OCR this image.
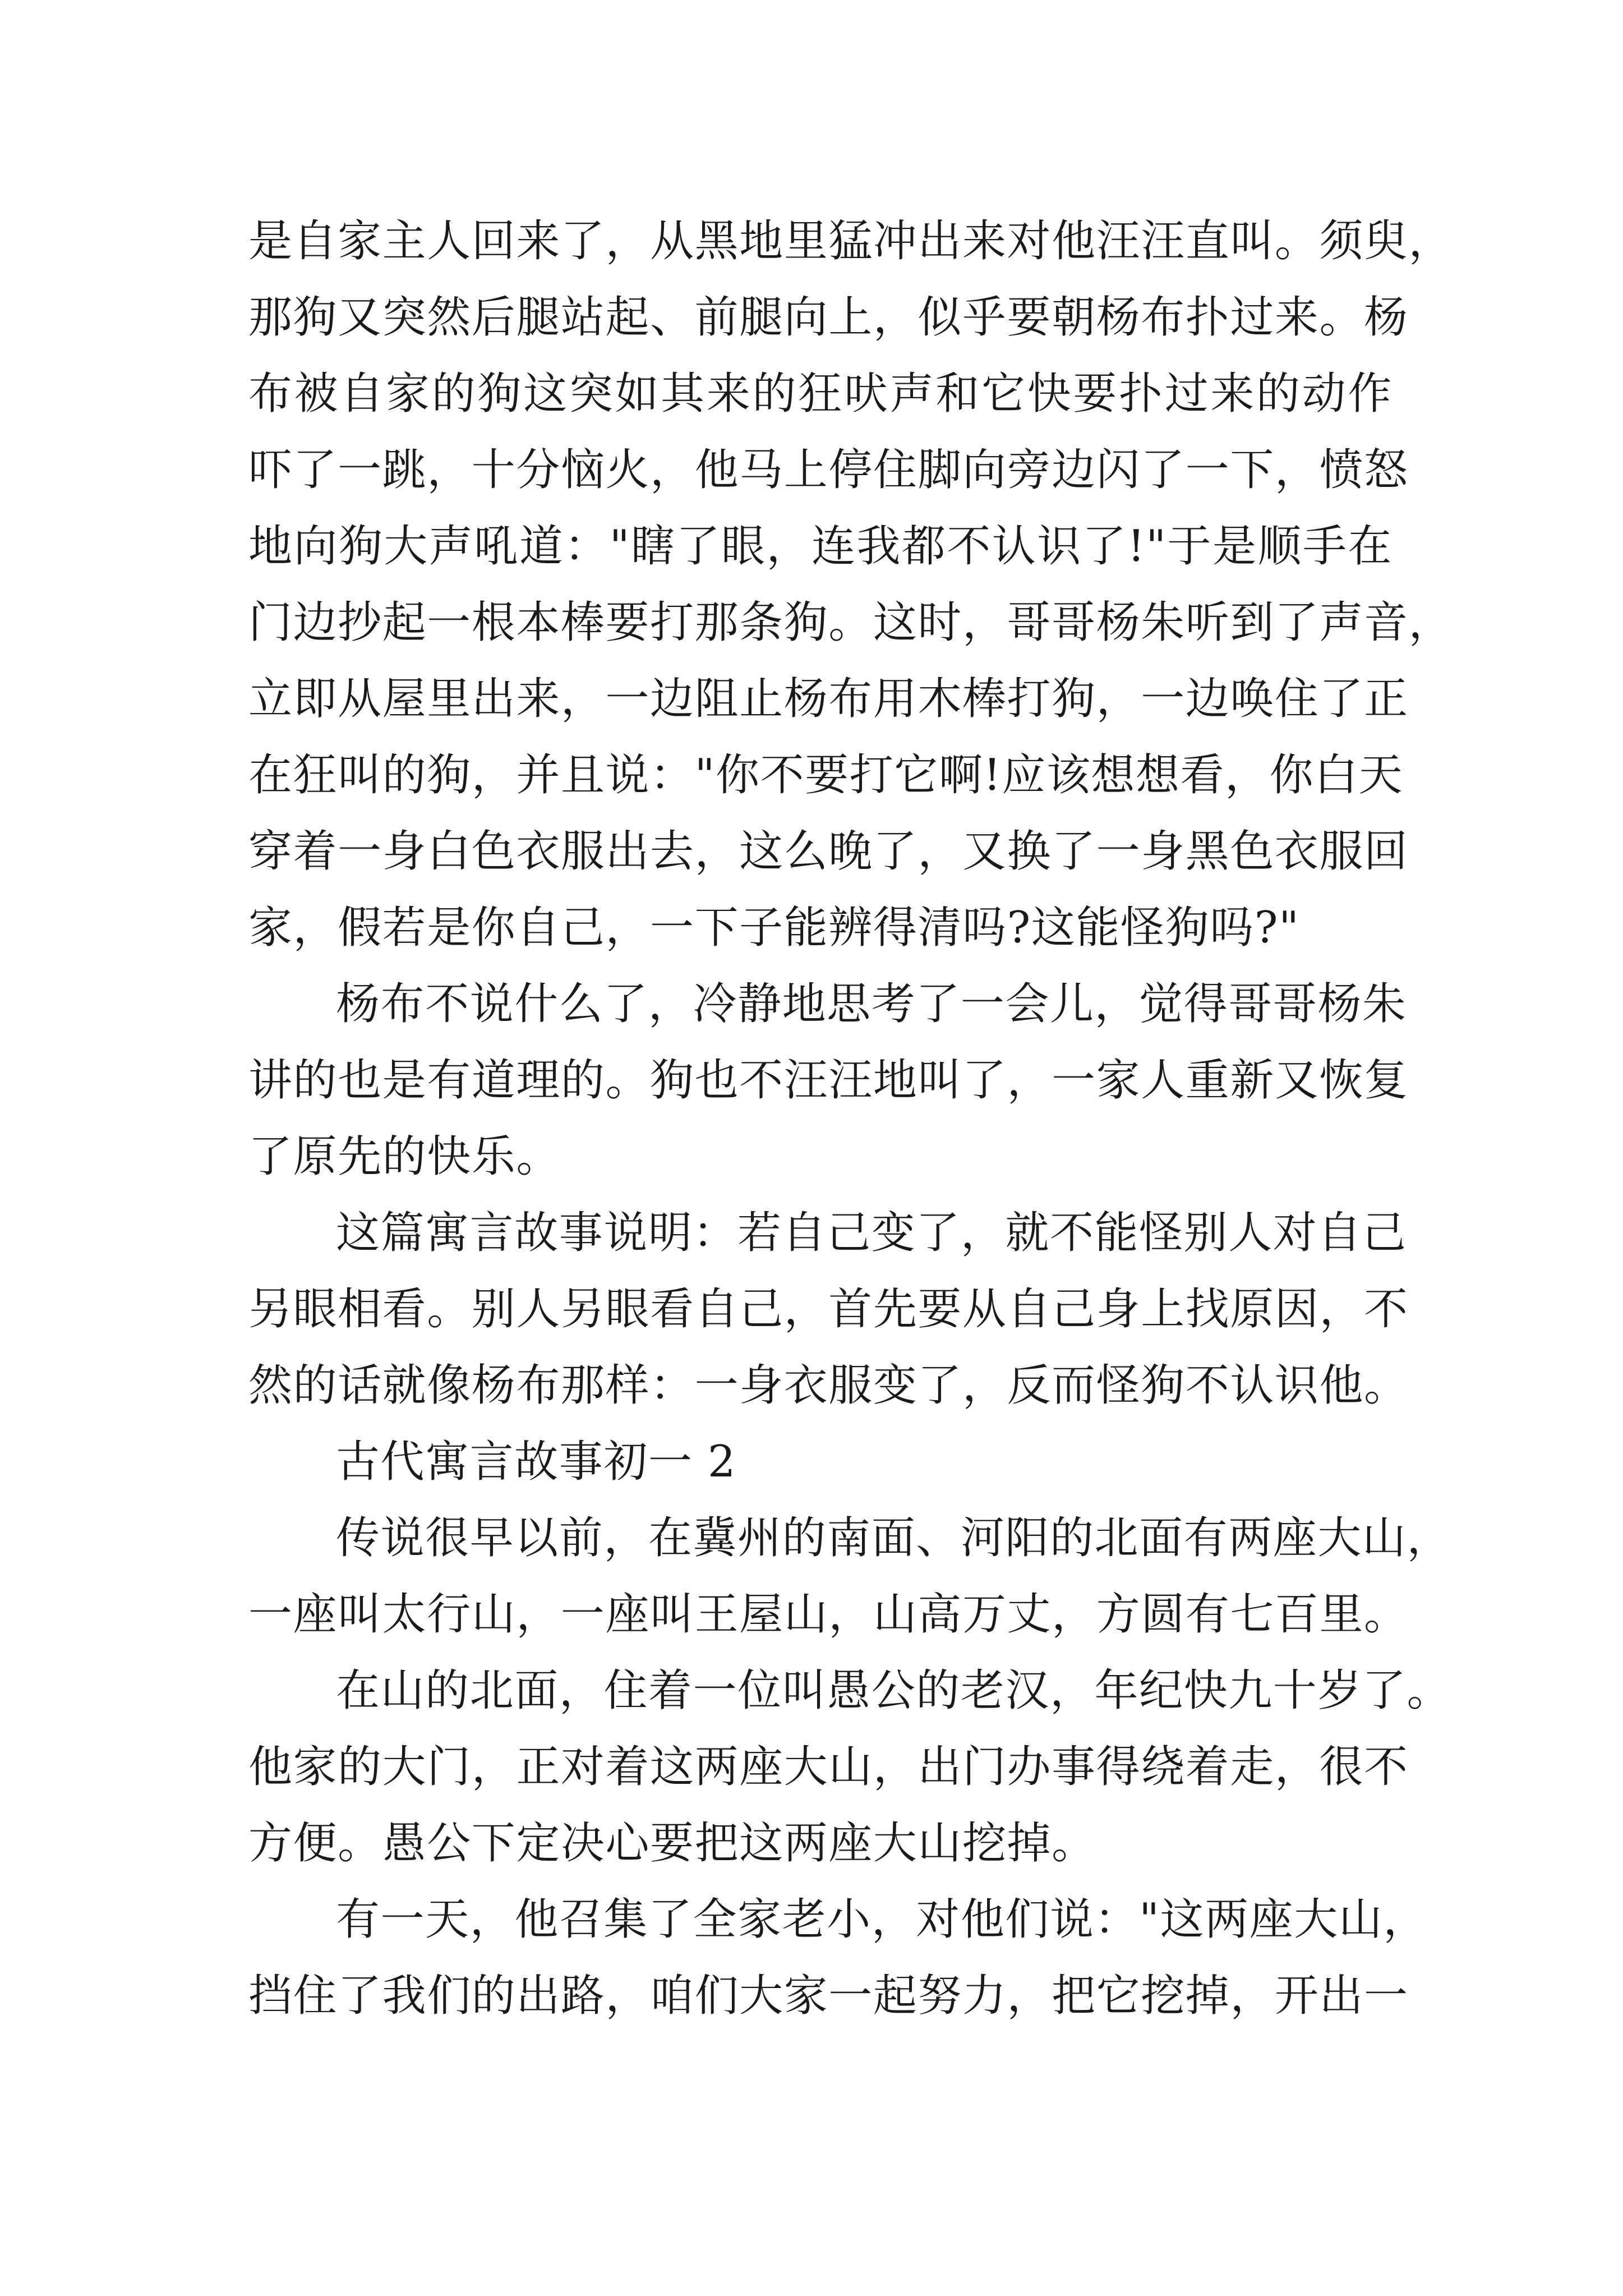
是自家主人回来了，从黑地里猛冲出来对他汪汪直叫。须臾，
那狗又突然后腿站起、前腿向上，似乎要朝杨布扑过来。杨
布被自家的狗这突如其来的狂吠声和它快要扑过来的动作
吓了一跳，十分恼火，他马上停住脚向旁边闪了一下，愤怒
地向狗大声吼道："瞎了眼，连我都不认识了!"于是顺手在
门边抄起一根本棒要打那条狗。这时，哥哥杨朱听到了声音，
立即从屋里出来，一边阻止杨布用木棒打狗，一边唤住了正
在狂叫的狗，并且说："你不要打它啊!应该想想看，你白天
穿着一身白色衣服出去，这么晚了，又换了一身黑色衣服回
家，假若是你自己，一下子能辨得清吗?这能怪狗吗?"
杨布不说什么了，冷静地思考了一会儿，觉得哥哥杨朱
讲的也是有道理的。狗也不汪汪地叫了，一家人重新又恢复
了原先的快乐。
这篇寓言故事说明：若自己变了，就不能怪别人对自己
另眼相看。别人另眼看自己，首先要从自己身上找原因，不
然的话就像杨布那样：一身衣服变了，反而怪狗不认识他。
古代寓言故事初一 2
传说很早以前，在冀州的南面、河阳的北面有两座大山，
一座叫太行山，一座叫王屋山，山高万丈，方圆有七百里。
在山的北面，住着一位叫愚公的老汉，年纪快九十岁了。
他家的大门，正对着这两座大山，出门办事得绕着走，很不
方便。愚公下定决心要把这两座大山挖掉。
有一天，他召集了全家老小，对他们说："这两座大山，
挡住了我们的出路，咱们大家一起努力，把它挖掉，开出一
